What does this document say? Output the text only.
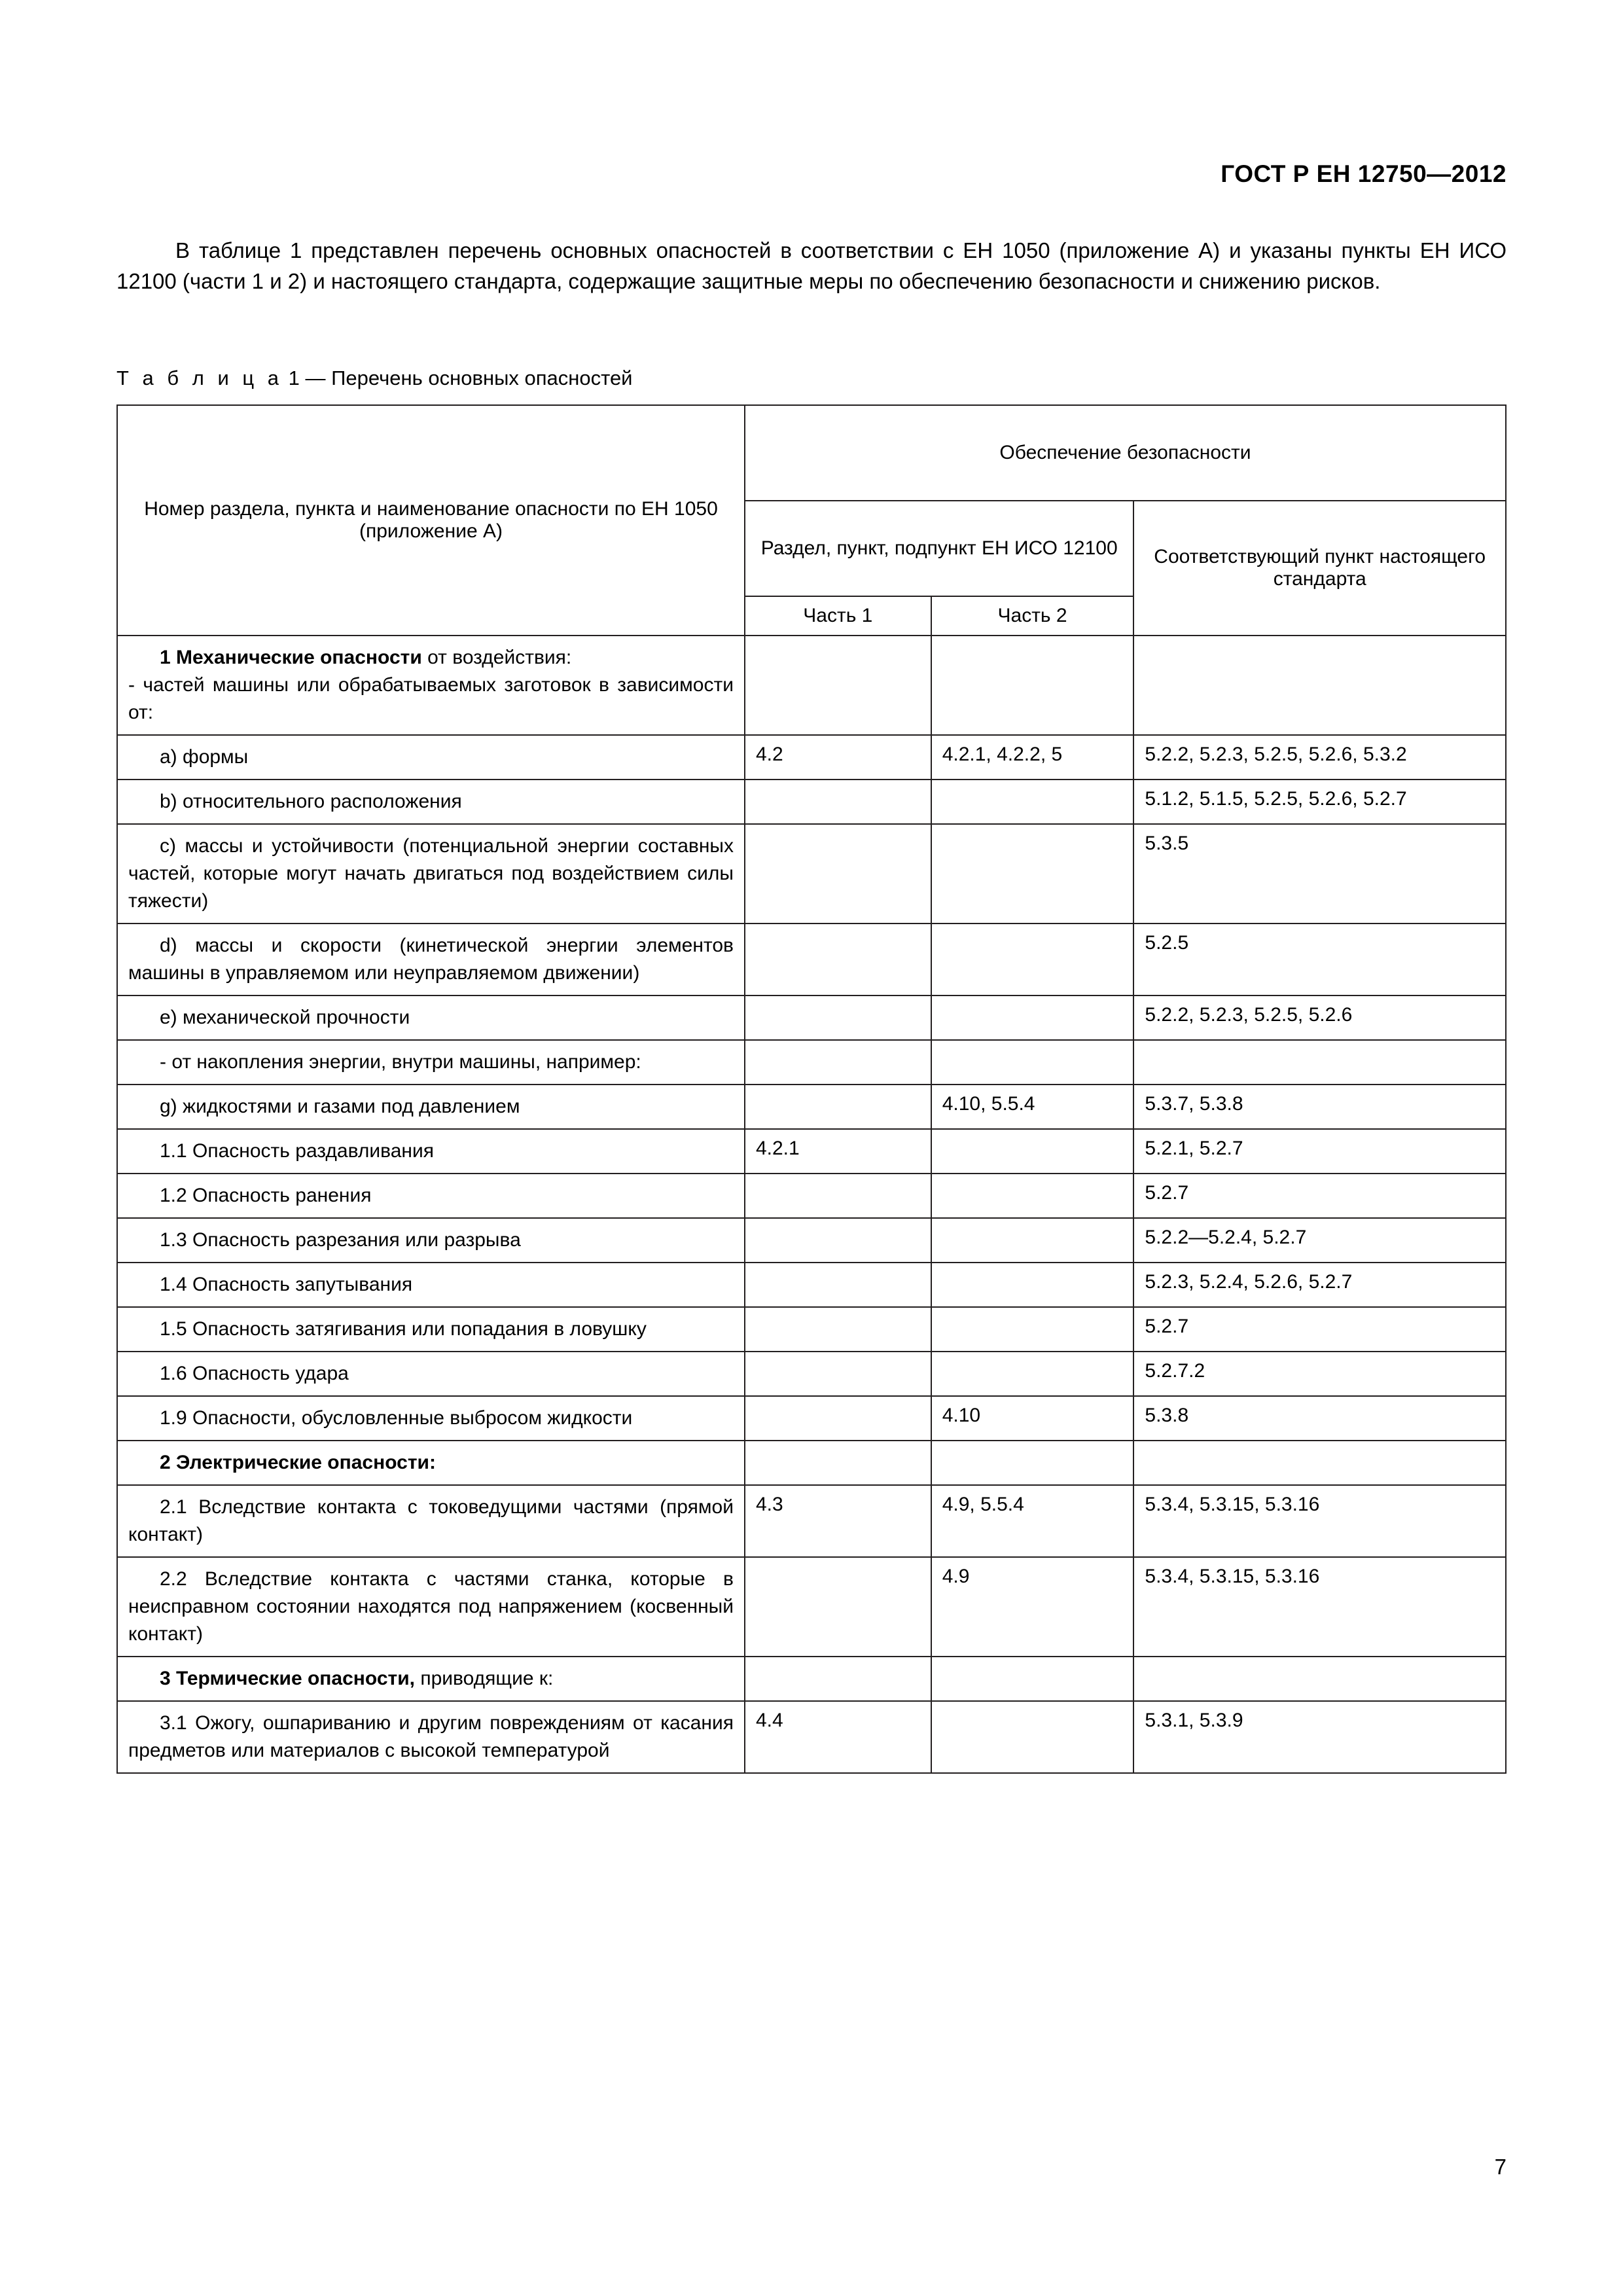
ГОСТ Р ЕН 12750—2012

В таблице 1 представлен перечень основных опасностей в соответствии с ЕН 1050 (приложение А) и указаны пункты ЕН ИСО 12100 (части 1 и 2) и настоящего стандарта, содержащие защитные меры по обеспечению безопасности и снижению рисков.

Т а б л и ц а 1 — Перечень основных опасностей
Номер раздела, пункта и наименование опасности по ЕН 1050 (приложение А)	Обеспечение безопасности		
	Раздел, пункт, подпункт ЕН ИСО 12100		Соответствующий пункт настоящего стандарта
	Часть 1	Часть 2	

1 Механические опасности от воздействия:
- частей машины или обрабатываемых заготовок в зависимости от:			

a) формы	4.2	4.2.1, 4.2.2, 5	5.2.2, 5.2.3, 5.2.5, 5.2.6, 5.3.2

b) относительного расположения			5.1.2, 5.1.5, 5.2.5, 5.2.6, 5.2.7

c) массы и устойчивости (потенциальной энергии составных частей, которые могут начать двигаться под воздействием силы тяжести)			5.3.5

d) массы и скорости (кинетической энергии элементов машины в управляемом или неуправляемом движении)			5.2.5

e) механической прочности			5.2.2, 5.2.3, 5.2.5, 5.2.6

- от накопления энергии, внутри машины, например:			

g) жидкостями и газами под давлением		4.10, 5.5.4	5.3.7, 5.3.8

1.1 Опасность раздавливания	4.2.1		5.2.1, 5.2.7

1.2 Опасность ранения			5.2.7

1.3 Опасность разрезания или разрыва			5.2.2—5.2.4, 5.2.7

1.4 Опасность запутывания			5.2.3, 5.2.4, 5.2.6, 5.2.7

1.5 Опасность затягивания или попадания в ловушку			5.2.7

1.6 Опасность удара			5.2.7.2

1.9 Опасности, обусловленные выбросом жидкости		4.10	5.3.8

2 Электрические опасности:			

2.1 Вследствие контакта с токоведущими частями (прямой контакт)	4.3	4.9, 5.5.4	5.3.4, 5.3.15, 5.3.16

2.2 Вследствие контакта с частями станка, которые в неисправном состоянии находятся под напряжением (косвенный контакт)		4.9	5.3.4, 5.3.15, 5.3.16

3 Термические опасности, приводящие к:			

3.1 Ожогу, ошпариванию и другим повреждениям от касания предметов или материалов с высокой температурой	4.4		5.3.1, 5.3.9
7
